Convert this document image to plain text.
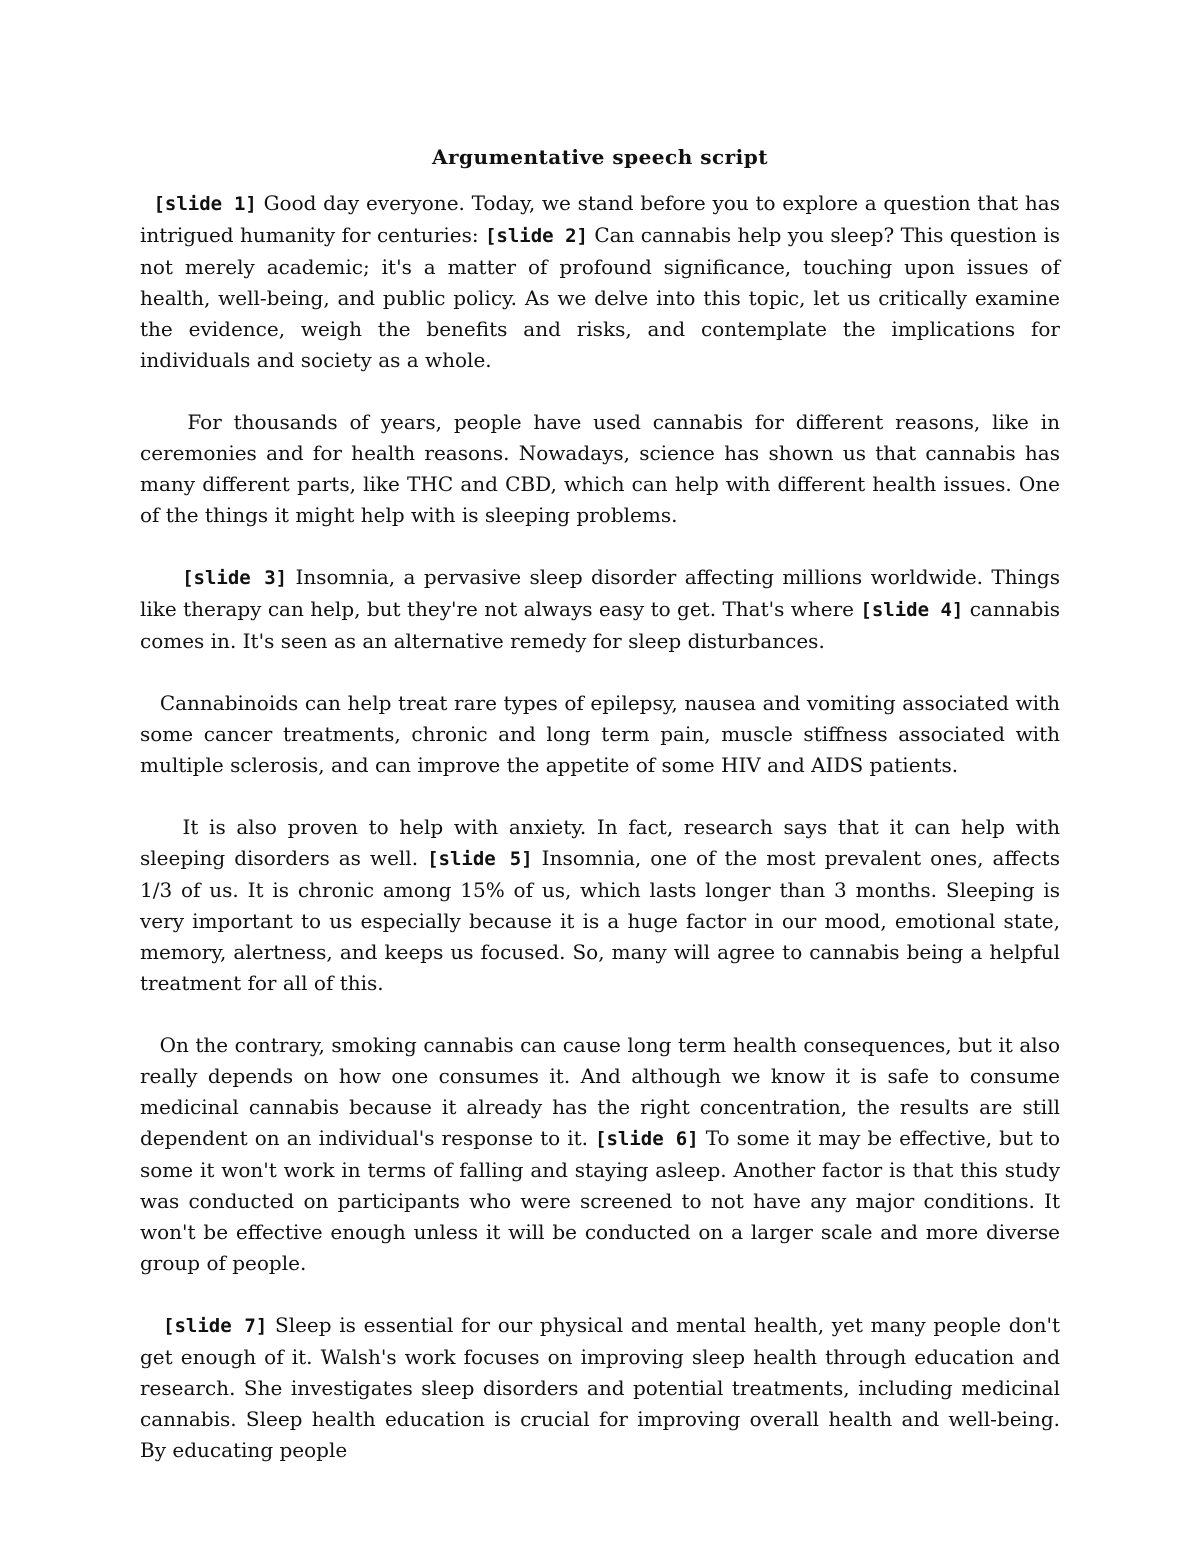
Argumentative speech script
[slide 1] Good day everyone. Today, we stand before you to explore a question that has intrigued humanity for centuries: [slide 2] Can cannabis help you sleep? This question is not merely academic; it's a matter of profound significance, touching upon issues of health, well-being, and public policy. As we delve into this topic, let us critically examine the evidence, weigh the benefits and risks, and contemplate the implications for individuals and society as a whole.
For thousands of years, people have used cannabis for different reasons, like in ceremonies and for health reasons. Nowadays, science has shown us that cannabis has many different parts, like THC and CBD, which can help with different health issues. One of the things it might help with is sleeping problems.
[slide 3] Insomnia, a pervasive sleep disorder affecting millions worldwide. Things like therapy can help, but they're not always easy to get. That's where [slide 4] cannabis comes in. It's seen as an alternative remedy for sleep disturbances.
Cannabinoids can help treat rare types of epilepsy, nausea and vomiting associated with some cancer treatments, chronic and long term pain, muscle stiffness associated with multiple sclerosis, and can improve the appetite of some HIV and AIDS patients.
It is also proven to help with anxiety. In fact, research says that it can help with sleeping disorders as well. [slide 5] Insomnia, one of the most prevalent ones, affects 1/3 of us. It is chronic among 15% of us, which lasts longer than 3 months. Sleeping is very important to us especially because it is a huge factor in our mood, emotional state, memory, alertness, and keeps us focused. So, many will agree to cannabis being a helpful treatment for all of this.
On the contrary, smoking cannabis can cause long term health consequences, but it also really depends on how one consumes it. And although we know it is safe to consume medicinal cannabis because it already has the right concentration, the results are still dependent on an individual's response to it. [slide 6] To some it may be effective, but to some it won't work in terms of falling and staying asleep. Another factor is that this study was conducted on participants who were screened to not have any major conditions. It won't be effective enough unless it will be conducted on a larger scale and more diverse group of people.
[slide 7] Sleep is essential for our physical and mental health, yet many people don't get enough of it. Walsh's work focuses on improving sleep health through education and research. She investigates sleep disorders and potential treatments, including medicinal cannabis. Sleep health education is crucial for improving overall health and well-being. By educating people
